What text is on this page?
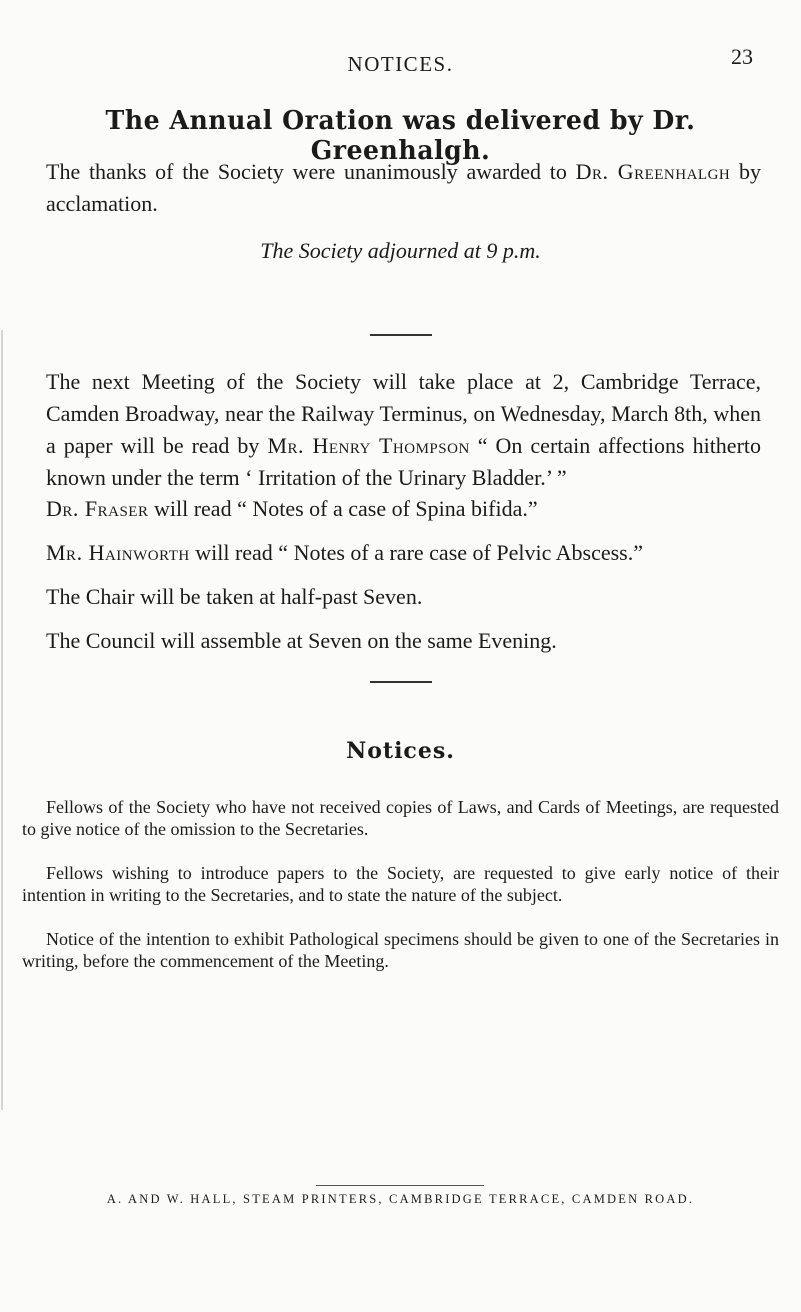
NOTICES.	23
The Annual Oration was delivered by Dr. Greenhalgh.

The thanks of the Society were unanimously awarded to Dr. Greenhalgh by acclamation.

The Society adjourned at 9 p.m.

The next Meeting of the Society will take place at 2, Cambridge Terrace, Camden Broadway, near the Railway Terminus, on Wednesday, March 8th, when a paper will be read by Mr. Henry Thompson “ On certain affections hitherto known under the term ‘ Irritation of the Urinary Bladder.’ ”

Dr. Fraser will read “ Notes of a case of Spina bifida.”

Mr. Hainworth will read “ Notes of a rare case of Pelvic Abscess.”

The Chair will be taken at half-past Seven.

The Council will assemble at Seven on the same Evening.

Notices.

Fellows of the Society who have not received copies of Laws, and Cards of Meetings, are requested to give notice of the omission to the Secretaries.

Fellows wishing to introduce papers to the Society, are requested to give early notice of their intention in writing to the Secretaries, and to state the nature of the subject.

Notice of the intention to exhibit Pathological specimens should be given to one of the Secretaries in writing, before the commencement of the Meeting.

A. AND W. HALL, STEAM PRINTERS, CAMBRIDGE TERRACE, CAMDEN ROAD.
